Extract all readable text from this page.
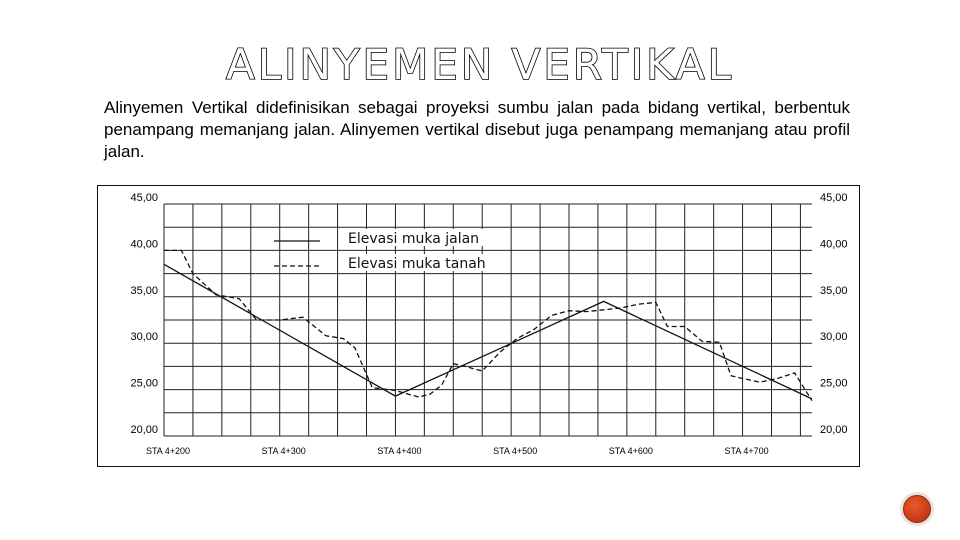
ALINYEMEN VERTIKAL
Alinyemen Vertikal didefinisikan sebagai proyeksi sumbu jalan pada bidang vertikal, berbentuk penampang memanjang jalan. Alinyemen vertikal disebut juga penampang memanjang atau profil jalan.
20,00	20,00
25,00	25,00
30,00	30,00
35,00	35,00
40,00	40,00
45,00	45,00
STA 4+200	STA 4+300	STA 4+400	STA 4+500	STA 4+600	STA 4+700
Elevasi muka jalan
Elevasi muka tanah
